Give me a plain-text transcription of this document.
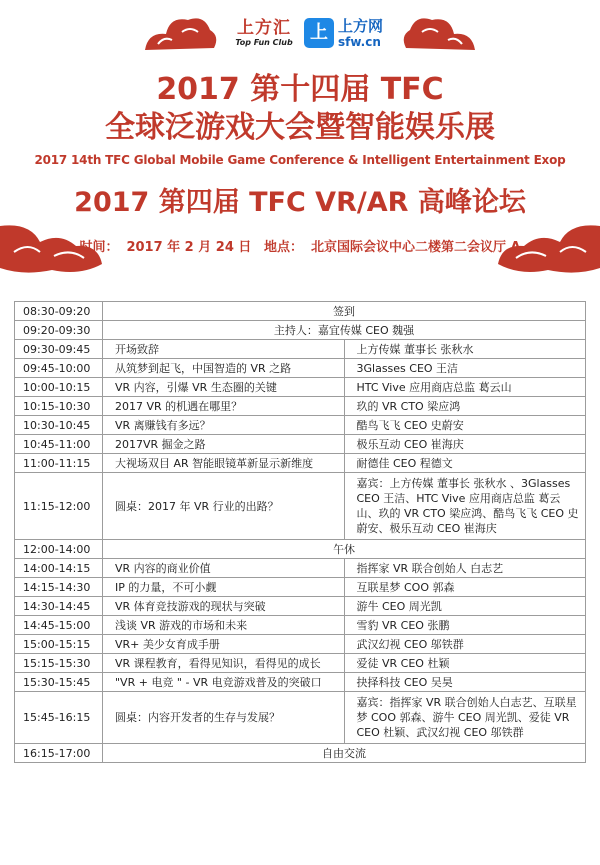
上方汇
Top Fun Club 上 上方网
sfw.cn
2017 第十四届 TFC
全球泛游戏大会暨智能娱乐展
2017 14th TFC Global Mobile Game Conference & Intelligent Entertainment Exop
2017 第四届 TFC VR/AR 高峰论坛
时间： 2017 年 2 月 24 日 地点： 北京国际会议中心二楼第二会议厅 A
08:30-09:20	签到	
09:20-09:30	主持人：嘉宜传媒 CEO 魏强	
09:30-09:45	开场致辞	上方传媒 董事长 张秋水
09:45-10:00	从筑梦到起飞，中国智造的 VR 之路	3Glasses CEO 王洁
10:00-10:15	VR 内容，引爆 VR 生态圈的关键	HTC Vive 应用商店总监 葛云山
10:15-10:30	2017 VR 的机遇在哪里？	玖的 VR CTO 梁应鸿
10:30-10:45	VR 离赚钱有多远？	酷鸟飞飞 CEO 史蔚安
10:45-11:00	2017VR 掘金之路	极乐互动 CEO 崔海庆
11:00-11:15	大视场双目 AR 智能眼镜革新显示新维度	耐德佳 CEO 程德文
11:15-12:00	圆桌：2017 年 VR 行业的出路？	嘉宾：上方传媒 董事长 张秋水 、3Glasses CEO 王洁、HTC Vive 应用商店总监 葛云山、玖的 VR CTO 梁应鸿、酷鸟飞飞 CEO 史蔚安、极乐互动 CEO 崔海庆
12:00-14:00	午休	
14:00-14:15	VR 内容的商业价值	指挥家 VR 联合创始人 白志艺
14:15-14:30	IP 的力量，不可小觑	互联星梦 COO 郭森
14:30-14:45	VR 体育竞技游戏的现状与突破	游牛 CEO 周光凯
14:45-15:00	浅谈 VR 游戏的市场和未来	雪豹 VR CEO 张鹏
15:00-15:15	VR+ 美少女育成手册	武汉幻视 CEO 邬铁群
15:15-15:30	VR 课程教育，看得见知识，看得见的成长	爱徒 VR CEO 杜颖
15:30-15:45	"VR + 电竞 " - VR 电竞游戏普及的突破口	抉择科技 CEO 吴昊
15:45-16:15	圆桌：内容开发者的生存与发展？	嘉宾：指挥家 VR 联合创始人白志艺、互联星梦 COO 郭森、游牛 CEO 周光凯、爱徒 VR CEO 杜颖、武汉幻视 CEO 邬铁群
16:15-17:00	自由交流	
